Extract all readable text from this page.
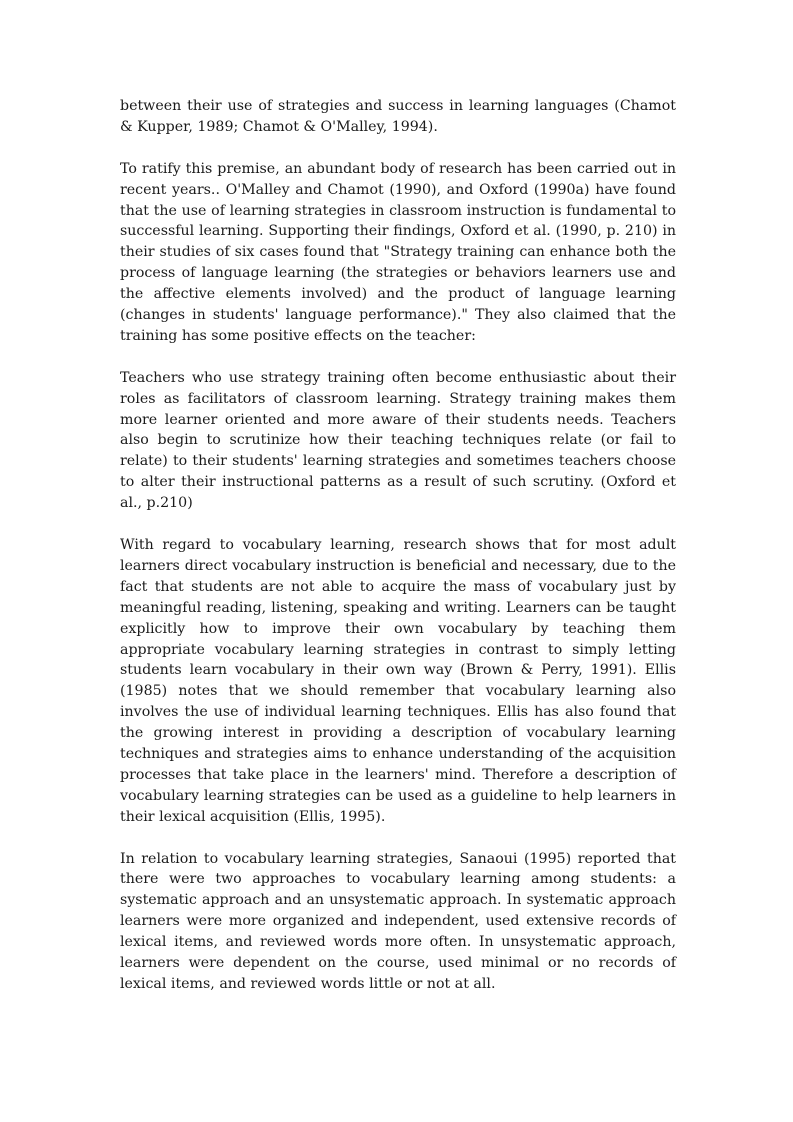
between their use of strategies and success in learning languages (Chamot & Kupper, 1989; Chamot & O'Malley, 1994).

To ratify this premise, an abundant body of research has been carried out in recent years.. O'Malley and Chamot (1990), and Oxford (1990a) have found that the use of learning strategies in classroom instruction is fundamental to successful learning. Supporting their findings, Oxford et al. (1990, p. 210) in their studies of six cases found that "Strategy training can enhance both the process of language learning (the strategies or behaviors learners use and the affective elements involved) and the product of language learning (changes in students' language performance)." They also claimed that the training has some positive effects on the teacher:

Teachers who use strategy training often become enthusiastic about their roles as facilitators of classroom learning. Strategy training makes them more learner oriented and more aware of their students needs. Teachers also begin to scrutinize how their teaching techniques relate (or fail to relate) to their students' learning strategies and sometimes teachers choose to alter their instructional patterns as a result of such scrutiny. (Oxford et al., p.210)

With regard to vocabulary learning, research shows that for most adult learners direct vocabulary instruction is beneficial and necessary, due to the fact that students are not able to acquire the mass of vocabulary just by meaningful reading, listening, speaking and writing. Learners can be taught explicitly how to improve their own vocabulary by teaching them appropriate vocabulary learning strategies in contrast to simply letting students learn vocabulary in their own way (Brown & Perry, 1991). Ellis (1985) notes that we should remember that vocabulary learning also involves the use of individual learning techniques. Ellis has also found that the growing interest in providing a description of vocabulary learning techniques and strategies aims to enhance understanding of the acquisition processes that take place in the learners' mind. Therefore a description of vocabulary learning strategies can be used as a guideline to help learners in their lexical acquisition (Ellis, 1995).

In relation to vocabulary learning strategies, Sanaoui (1995) reported that there were two approaches to vocabulary learning among students: a systematic approach and an unsystematic approach. In systematic approach learners were more organized and independent, used extensive records of lexical items, and reviewed words more often. In unsystematic approach, learners were dependent on the course, used minimal or no records of lexical items, and reviewed words little or not at all.
